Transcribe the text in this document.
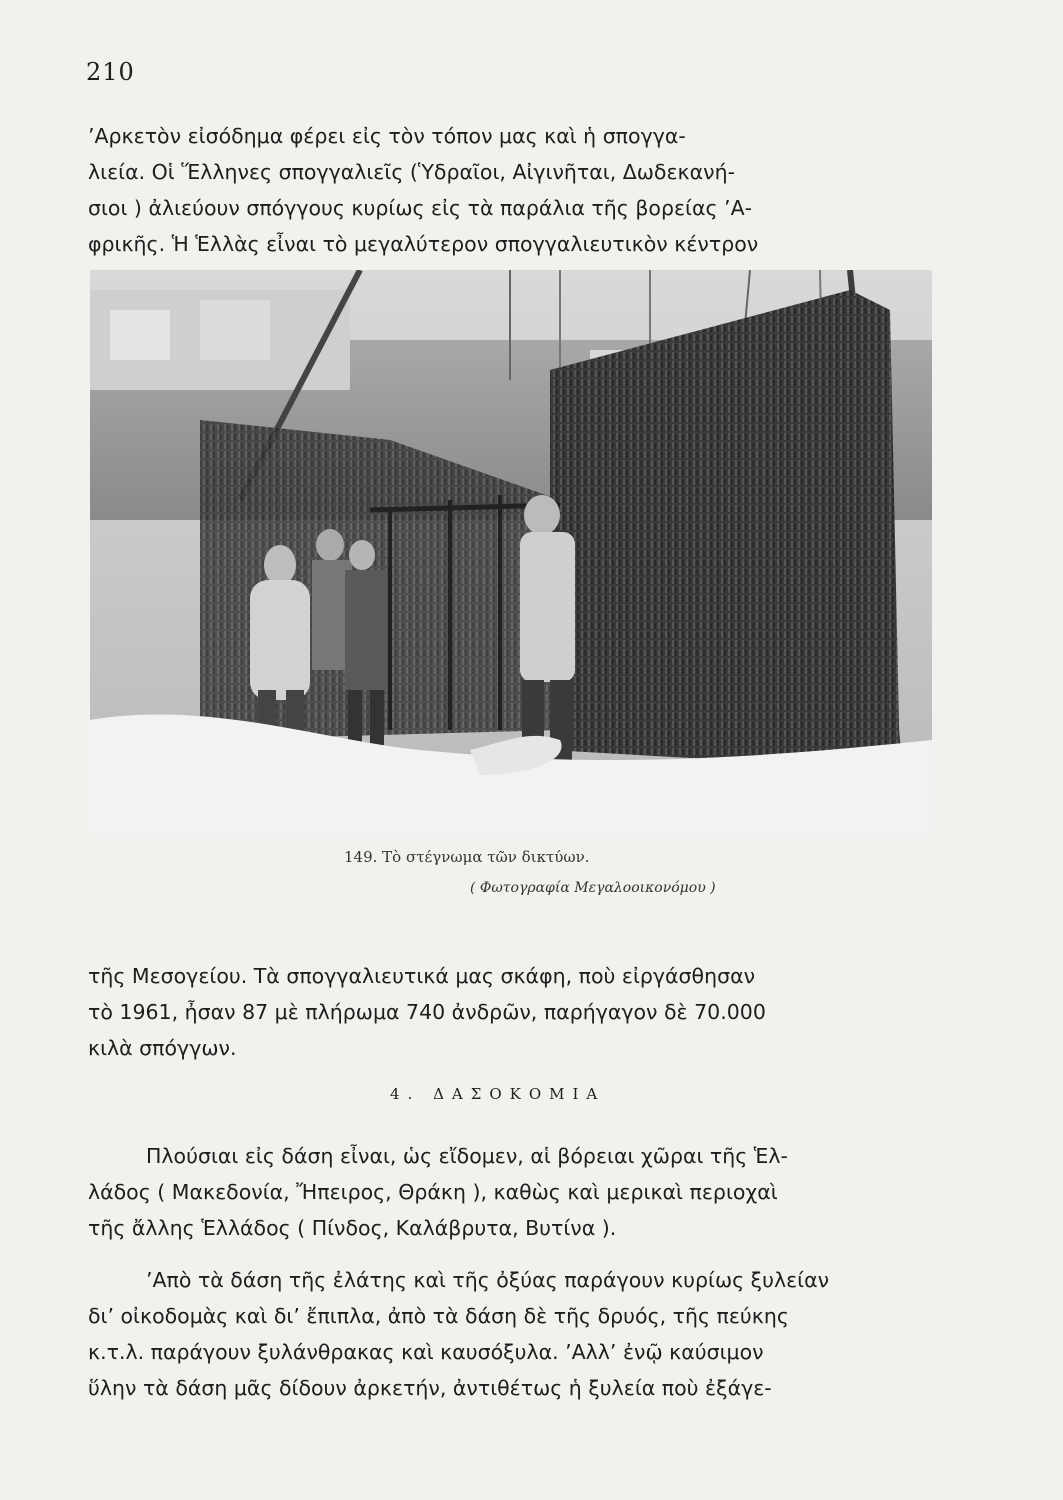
210

’Αρκετὸν εἰσόδημα φέρει εἰς τὸν τόπον μας καὶ ἡ σπογγα-
λιεία. Οἱ Ἕλληνες σπογγαλιεῖς (Ὑδραῖοι, Αἰγινῆται, Δωδεκανή-
σιοι ) ἀλιεύουν σπόγγους κυρίως εἰς τὰ παράλια τῆς βορείας ’Α-
φρικῆς. Ἡ Ἑλλὰς εἶναι τὸ μεγαλύτερον σπογγαλιευτικὸν κέντρον

149. Τὸ στέγνωμα τῶν δικτύων.
( Φωτογραφία Μεγαλοοικονόμου )

τῆς Μεσογείου. Τὰ σπογγαλιευτικά μας σκάφη, ποὺ εἰργάσθησαν
τὸ 1961, ἦσαν 87 μὲ πλήρωμα 740 ἀνδρῶν, παρήγαγον δὲ 70.000
κιλὰ σπόγγων.

4. ΔΑΣΟΚΟΜΙΑ

Πλούσιαι εἰς δάση εἶναι, ὡς εἴδομεν, αἱ βόρειαι χῶραι τῆς Ἑλ-
λάδος ( Μακεδονία, Ἤπειρος, Θράκη ), καθὼς καὶ μερικαὶ περιοχαὶ
τῆς ἄλλης Ἑλλάδος ( Πίνδος, Καλάβρυτα, Βυτίνα ).

’Απὸ τὰ δάση τῆς ἐλάτης καὶ τῆς ὀξύας παράγουν κυρίως ξυλείαν
δι’ οἰκοδομὰς καὶ δι’ ἔπιπλα, ἀπὸ τὰ δάση δὲ τῆς δρυός, τῆς πεύκης
κ.τ.λ. παράγουν ξυλάνθρακας καὶ καυσόξυλα. ’Αλλ’ ἐνῷ καύσιμον
ὕλην τὰ δάση μᾶς δίδουν ἀρκετήν, ἀντιθέτως ἡ ξυλεία ποὺ ἐξάγε-
